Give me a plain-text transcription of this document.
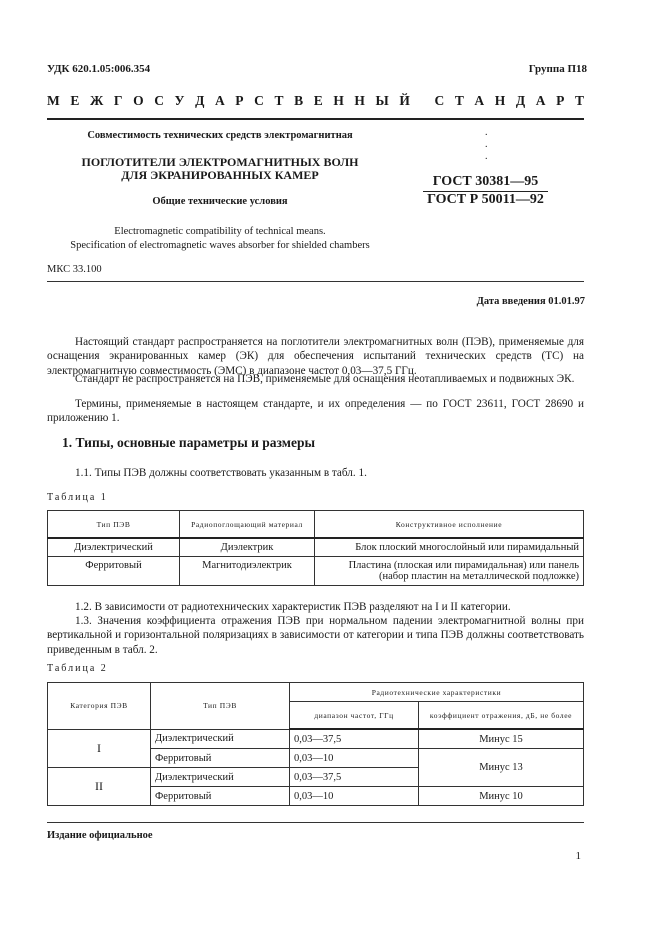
УДК 620.1.05:006.354	Группа П18
М Е Ж Г О С У Д А Р С Т В Е Н Н Ы Й
С Т А Н Д А Р Т
Совместимость технических средств электромагнитная
ПОГЛОТИТЕЛИ ЭЛЕКТРОМАГНИТНЫХ ВОЛН
ДЛЯ ЭКРАНИРОВАННЫХ КАМЕР
Общие технические условия
Electromagnetic compatibility of technical means.
Specification of electromagnetic waves absorber for shielded chambers
.
.
.
ГОСТ 30381—95
ГОСТ Р 50011—92
МКС 33.100
Дата введения 01.01.97
Настоящий стандарт распространяется на поглотители электромагнитных волн (ПЭВ), применяемые для оснащения экранированных камер (ЭК) для обеспечения испытаний технических средств (ТС) на электромагнитную совместимость (ЭМС) в диапазоне частот 0,03—37,5 ГГц.
Стандарт не распространяется на ПЭВ, применяемые для оснащения неотапливаемых и подвижных ЭК.
Термины, применяемые в настоящем стандарте, и их определения — по ГОСТ 23611, ГОСТ 28690 и приложению 1.
1. Типы, основные параметры и размеры
1.1. Типы ПЭВ должны соответствовать указанным в табл. 1.
Таблица 1
Тип ПЭВ	Радиопоглощающий материал	Конструктивное исполнение
Диэлектрический	Диэлектрик	Блок плоский многослойный или пирамидальный
Ферритовый	Магнитодиэлектрик	Пластина (плоская или пирамидальная) или панель (набор пластин на металлической подложке)
1.2. В зависимости от радиотехнических характеристик ПЭВ разделяют на I и II категории.
1.3. Значения коэффициента отражения ПЭВ при нормальном падении электромагнитной волны при вертикальной и горизонтальной поляризациях в зависимости от категории и типа ПЭВ должны соответствовать приведенным в табл. 2.
Таблица 2
Категория ПЭВ	Тип ПЭВ	Радиотехнические характеристики	
		диапазон частот, ГГц	коэффициент отражения, дБ, не более
I	Диэлектрический	0,03—37,5	Минус 15
	Ферритовый	0,03—10	Минус 13
II	Диэлектрический	0,03—37,5	
	Ферритовый	0,03—10	Минус 10
Издание официальное
1
